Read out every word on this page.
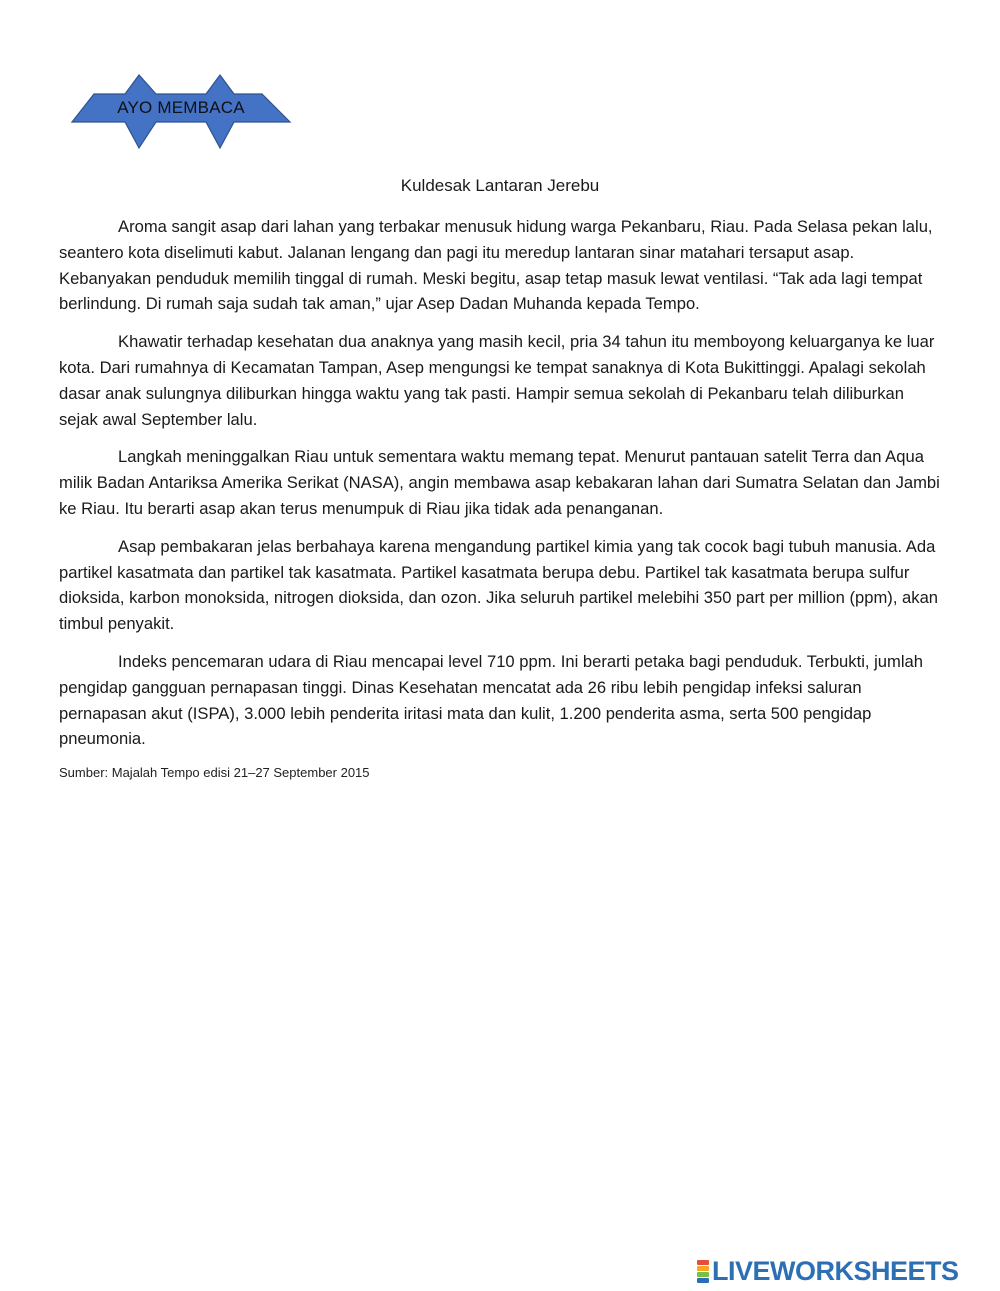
AYO MEMBACA
Kuldesak Lantaran Jerebu

Aroma sangit asap dari lahan yang terbakar menusuk hidung warga Pekanbaru, Riau. Pada Selasa pekan lalu, seantero kota diselimuti kabut. Jalanan lengang dan pagi itu meredup lantaran sinar matahari tersaput asap. Kebanyakan penduduk memilih tinggal di rumah. Meski begitu, asap tetap masuk lewat ventilasi. “Tak ada lagi tempat berlindung. Di rumah saja sudah tak aman,” ujar Asep Dadan Muhanda kepada Tempo.

Khawatir terhadap kesehatan dua anaknya yang masih kecil, pria 34 tahun itu memboyong keluarganya ke luar kota. Dari rumahnya di Kecamatan Tampan, Asep mengungsi ke tempat sanaknya di Kota Bukittinggi. Apalagi sekolah dasar anak sulungnya diliburkan hingga waktu yang tak pasti. Hampir semua sekolah di Pekanbaru telah diliburkan sejak awal September lalu.

Langkah meninggalkan Riau untuk sementara waktu memang tepat. Menurut pantauan satelit Terra dan Aqua milik Badan Antariksa Amerika Serikat (NASA), angin membawa asap kebakaran lahan dari Sumatra Selatan dan Jambi ke Riau. Itu berarti asap akan terus menumpuk di Riau jika tidak ada penanganan.

Asap pembakaran jelas berbahaya karena mengandung partikel kimia yang tak cocok bagi tubuh manusia. Ada partikel kasatmata dan partikel tak kasatmata. Partikel kasatmata berupa debu. Partikel tak kasatmata berupa sulfur dioksida, karbon monoksida, nitrogen dioksida, dan ozon. Jika seluruh partikel melebihi 350 part per million (ppm), akan timbul penyakit.

Indeks pencemaran udara di Riau mencapai level 710 ppm. Ini berarti petaka bagi penduduk. Terbukti, jumlah pengidap gangguan pernapasan tinggi. Dinas Kesehatan mencatat ada 26 ribu lebih pengidap infeksi saluran pernapasan akut (ISPA), 3.000 lebih penderita iritasi mata dan kulit, 1.200 penderita asma, serta 500 pengidap pneumonia.

Sumber: Majalah Tempo edisi 21–27 September 2015

LIVEWORKSHEETS
